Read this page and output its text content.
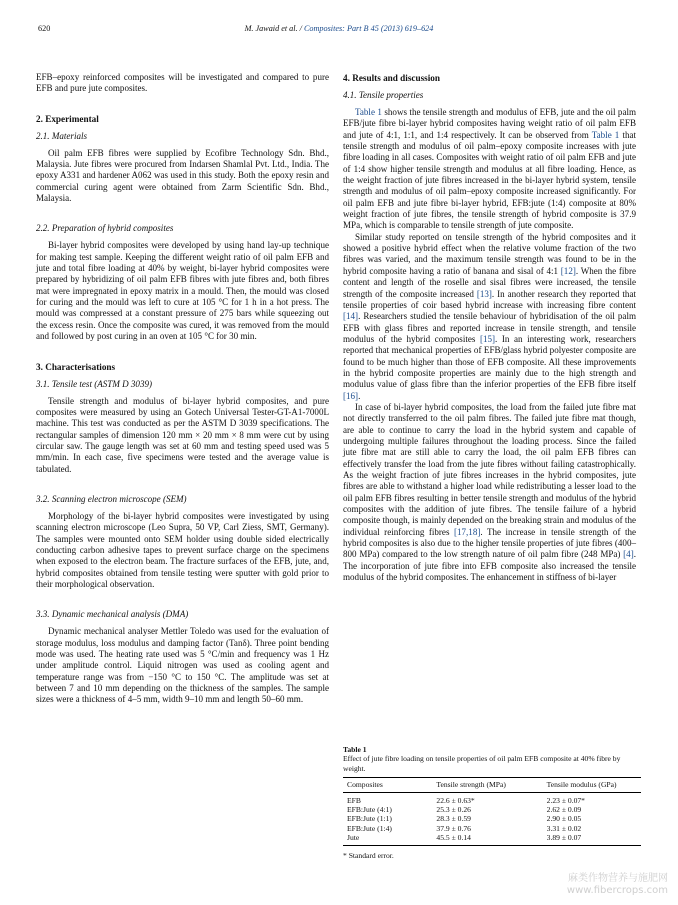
620	M. Jawaid et al. / Composites: Part B 45 (2013) 619–624

EFB–epoxy reinforced composites will be investigated and compared to pure EFB and pure jute composites.

2. Experimental
2.1. Materials

Oil palm EFB fibres were supplied by Ecofibre Technology Sdn. Bhd., Malaysia. Jute fibres were procured from Indarsen Shamlal Pvt. Ltd., India. The epoxy A331 and hardener A062 was used in this study. Both the epoxy resin and commercial curing agent were obtained from Zarm Scientific Sdn. Bhd., Malaysia.

2.2. Preparation of hybrid composites

Bi-layer hybrid composites were developed by using hand lay-up technique for making test sample. Keeping the different weight ratio of oil palm EFB and jute and total fibre loading at 40% by weight, bi-layer hybrid composites were prepared by hybridizing of oil palm EFB fibres with jute fibres and, both fibres mat were impregnated in epoxy matrix in a mould. Then, the mould was closed for curing and the mould was left to cure at 105 °C for 1 h in a hot press. The mould was compressed at a constant pressure of 275 bars while squeezing out the excess resin. Once the composite was cured, it was removed from the mould and followed by post curing in an oven at 105 °C for 30 min.

3. Characterisations
3.1. Tensile test (ASTM D 3039)

Tensile strength and modulus of bi-layer hybrid composites, and pure composites were measured by using an Gotech Universal Tester-GT-A1-7000L machine. This test was conducted as per the ASTM D 3039 specifications. The rectangular samples of dimension 120 mm × 20 mm × 8 mm were cut by using circular saw. The gauge length was set at 60 mm and testing speed used was 5 mm/min. In each case, five specimens were tested and the average value is tabulated.

3.2. Scanning electron microscope (SEM)

Morphology of the bi-layer hybrid composites were investigated by using scanning electron microscope (Leo Supra, 50 VP, Carl Ziess, SMT, Germany). The samples were mounted onto SEM holder using double sided electrically conducting carbon adhesive tapes to prevent surface charge on the specimens when exposed to the electron beam. The fracture surfaces of the EFB, jute, and, hybrid composites obtained from tensile testing were sputter with gold prior to their morphological observation.

3.3. Dynamic mechanical analysis (DMA)

Dynamic mechanical analyser Mettler Toledo was used for the evaluation of storage modulus, loss modulus and damping factor (Tanδ). Three point bending mode was used. The heating rate used was 5 °C/min and frequency was 1 Hz under amplitude control. Liquid nitrogen was used as cooling agent and temperature range was from −150 °C to 150 °C. The amplitude was set at between 7 and 10 mm depending on the thickness of the samples. The sample sizes were a thickness of 4–5 mm, width 9–10 mm and length 50–60 mm.

4. Results and discussion
4.1. Tensile properties

Table 1 shows the tensile strength and modulus of EFB, jute and the oil palm EFB/jute fibre bi-layer hybrid composites having weight ratio of oil palm EFB and jute of 4:1, 1:1, and 1:4 respectively. It can be observed from Table 1 that tensile strength and modulus of oil palm–epoxy composite increases with jute fibre loading in all cases. Composites with weight ratio of oil palm EFB and jute of 1:4 show higher tensile strength and modulus at all fibre loading. Hence, as the weight fraction of jute fibres increased in the bi-layer hybrid system, tensile strength and modulus of oil palm–epoxy composite increased significantly. For oil palm EFB and jute fibre bi-layer hybrid, EFB:jute (1:4) composite at 80% weight fraction of jute fibres, the tensile strength of hybrid composite is 37.9 MPa, which is comparable to tensile strength of jute composite.

Similar study reported on tensile strength of the hybrid composites and it showed a positive hybrid effect when the relative volume fraction of the two fibres was varied, and the maximum tensile strength was found to be in the hybrid composite having a ratio of banana and sisal of 4:1 [12]. When the fibre content and length of the roselle and sisal fibres were increased, the tensile strength of the composite increased [13]. In another research they reported that tensile properties of coir based hybrid increase with increasing fibre content [14]. Researchers studied the tensile behaviour of hybridisation of the oil palm EFB with glass fibres and reported increase in tensile strength, and tensile modulus of the hybrid composites [15]. In an interesting work, researchers reported that mechanical properties of EFB/glass hybrid polyester composite are found to be much higher than those of EFB composite. All these improvements in the hybrid composite properties are mainly due to the high strength and modulus value of glass fibre than the inferior properties of the EFB fibre itself [16].

In case of bi-layer hybrid composites, the load from the failed jute fibre mat not directly transferred to the oil palm fibres. The failed jute fibre mat though, are able to continue to carry the load in the hybrid system and capable of undergoing multiple failures throughout the loading process. Since the failed jute fibre mat are still able to carry the load, the oil palm EFB fibres can effectively transfer the load from the jute fibres without failing catastrophically. As the weight fraction of jute fibres increases in the hybrid composites, jute fibres are able to withstand a higher load while redistributing a lesser load to the oil palm EFB fibres resulting in better tensile strength and modulus of the hybrid composites with the addition of jute fibres. The tensile failure of a hybrid composite though, is mainly depended on the breaking strain and modulus of the individual reinforcing fibres [17,18]. The increase in tensile strength of the hybrid composites is also due to the higher tensile properties of jute fibres (400–800 MPa) compared to the low strength nature of oil palm fibre (248 MPa) [4]. The incorporation of jute fibre into EFB composite also increased the tensile modulus of the hybrid composites. The enhancement in stiffness of bi-layer

Table 1
Effect of jute fibre loading on tensile properties of oil palm EFB composite at 40% fibre by weight.
Composites	Tensile strength (MPa)	Tensile modulus (GPa)
EFB	22.6 ± 0.63*	2.23 ± 0.07*
EFB:Jute (4:1)	25.3 ± 0.26	2.62 ± 0.09
EFB:Jute (1:1)	28.3 ± 0.59	2.90 ± 0.05
EFB:Jute (1:4)	37.9 ± 0.76	3.31 ± 0.02
Jute	45.5 ± 0.14	3.89 ± 0.07
* Standard error.
麻类作物营养与施肥网
www.fibercrops.com
